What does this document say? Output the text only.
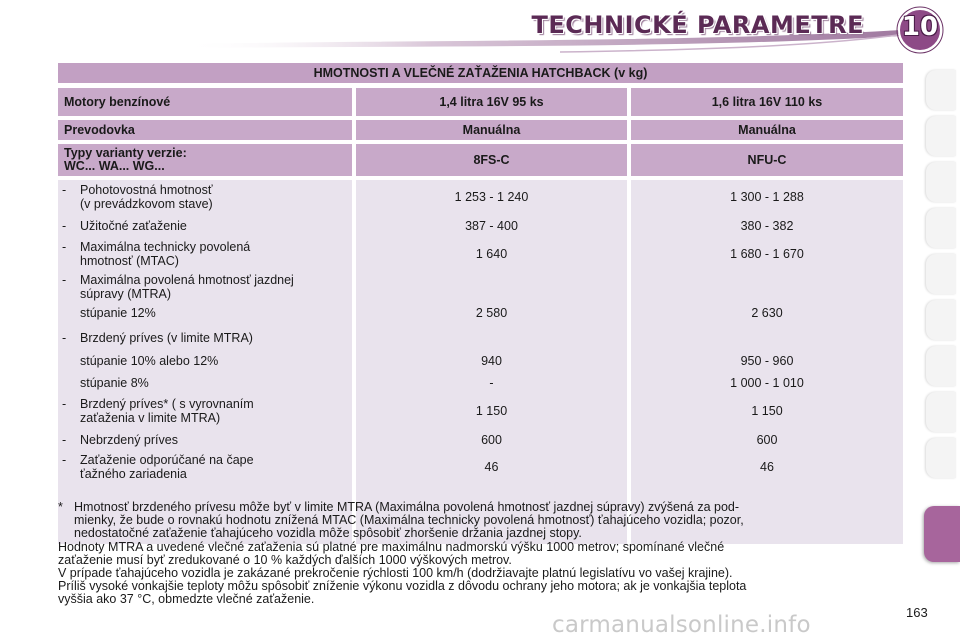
TECHNICKÉ PARAMETRE 10
HMOTNOSTI A VLEČNÉ ZAŤAŽENIA HATCHBACK (v kg)
Motory benzínové	1,4 litra 16V 95 ks	1,6 litra 16V 110 ks
Prevodovka	Manuálna	Manuálna
Typy varianty verzie:
WC... WA... WG...	8FS-C	NFU-C
- Pohotovostná hmotnosť
(v prevádzkovom stave)	1 253 - 1 240	1 300 - 1 288
- Užitočné zaťaženie	387 - 400	380 - 382
- Maximálna technicky povolená
hmotnosť (MTAC)	1 640	1 680 - 1 670
- Maximálna povolená hmotnosť jazdnej
súpravy (MTRA)
stúpanie 12%	2 580	2 630
- Brzdený príves (v limite MTRA)
stúpanie 10% alebo 12%	940	950 - 960
stúpanie 8%	-	1 000 - 1 010
- Brzdený príves* ( s vyrovnaním
zaťaženia v limite MTRA)	1 150	1 150
- Nebrzdený príves	600	600
- Zaťaženie odporúčané na čape
ťažného zariadenia	46	46
* Hmotnosť brzdeného prívesu môže byť v limite MTRA (Maximálna povolená hmotnosť jazdnej súpravy) zvýšená za pod-
mienky, že bude o rovnakú hodnotu znížená MTAC (Maximálna technicky povolená hmotnosť) ťahajúceho vozidla; pozor,
nedostatočné zaťaženie ťahajúceho vozidla môže spôsobiť zhoršenie držania jazdnej stopy.
Hodnoty MTRA a uvedené vlečné zaťaženia sú platné pre maximálnu nadmorskú výšku 1000 metrov; spomínané vlečné
zaťaženie musí byť zredukované o 10 % každých ďalších 1000 výškových metrov.
V prípade ťahajúceho vozidla je zakázané prekročenie rýchlosti 100 km/h (dodržiavajte platnú legislatívu vo vašej krajine).
Príliš vysoké vonkajšie teploty môžu spôsobiť zníženie výkonu vozidla z dôvodu ochrany jeho motora; ak je vonkajšia teplota
vyššia ako 37 °C, obmedzte vlečné zaťaženie.
carmanualsonline.info	163
